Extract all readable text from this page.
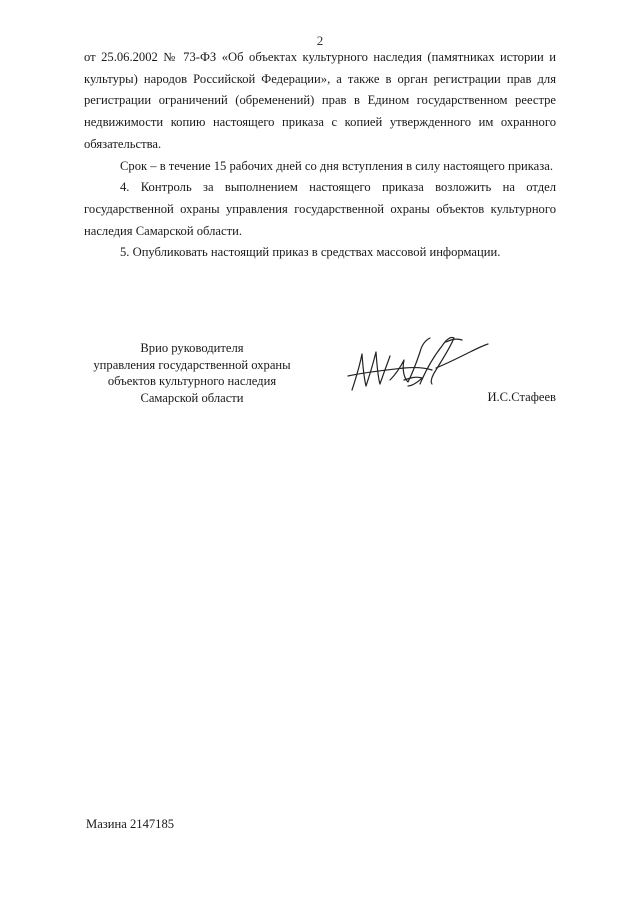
2

от 25.06.2002 № 73-ФЗ «Об объектах культурного наследия (памятниках истории и культуры) народов Российской Федерации», а также в орган регистрации прав для регистрации ограничений (обременений) прав в Едином государственном реестре недвижимости копию настоящего приказа с копией утвержденного им охранного обязательства.

Срок – в течение 15 рабочих дней со дня вступления в силу настоящего приказа.

4. Контроль за выполнением настоящего приказа возложить на отдел государственной охраны управления государственной охраны объектов культурного наследия Самарской области.

5. Опубликовать настоящий приказ в средствах массовой информации.

Врио руководителя
управления государственной охраны
объектов культурного наследия
Самарской области	И.С.Стафеев
Мазина 2147185
